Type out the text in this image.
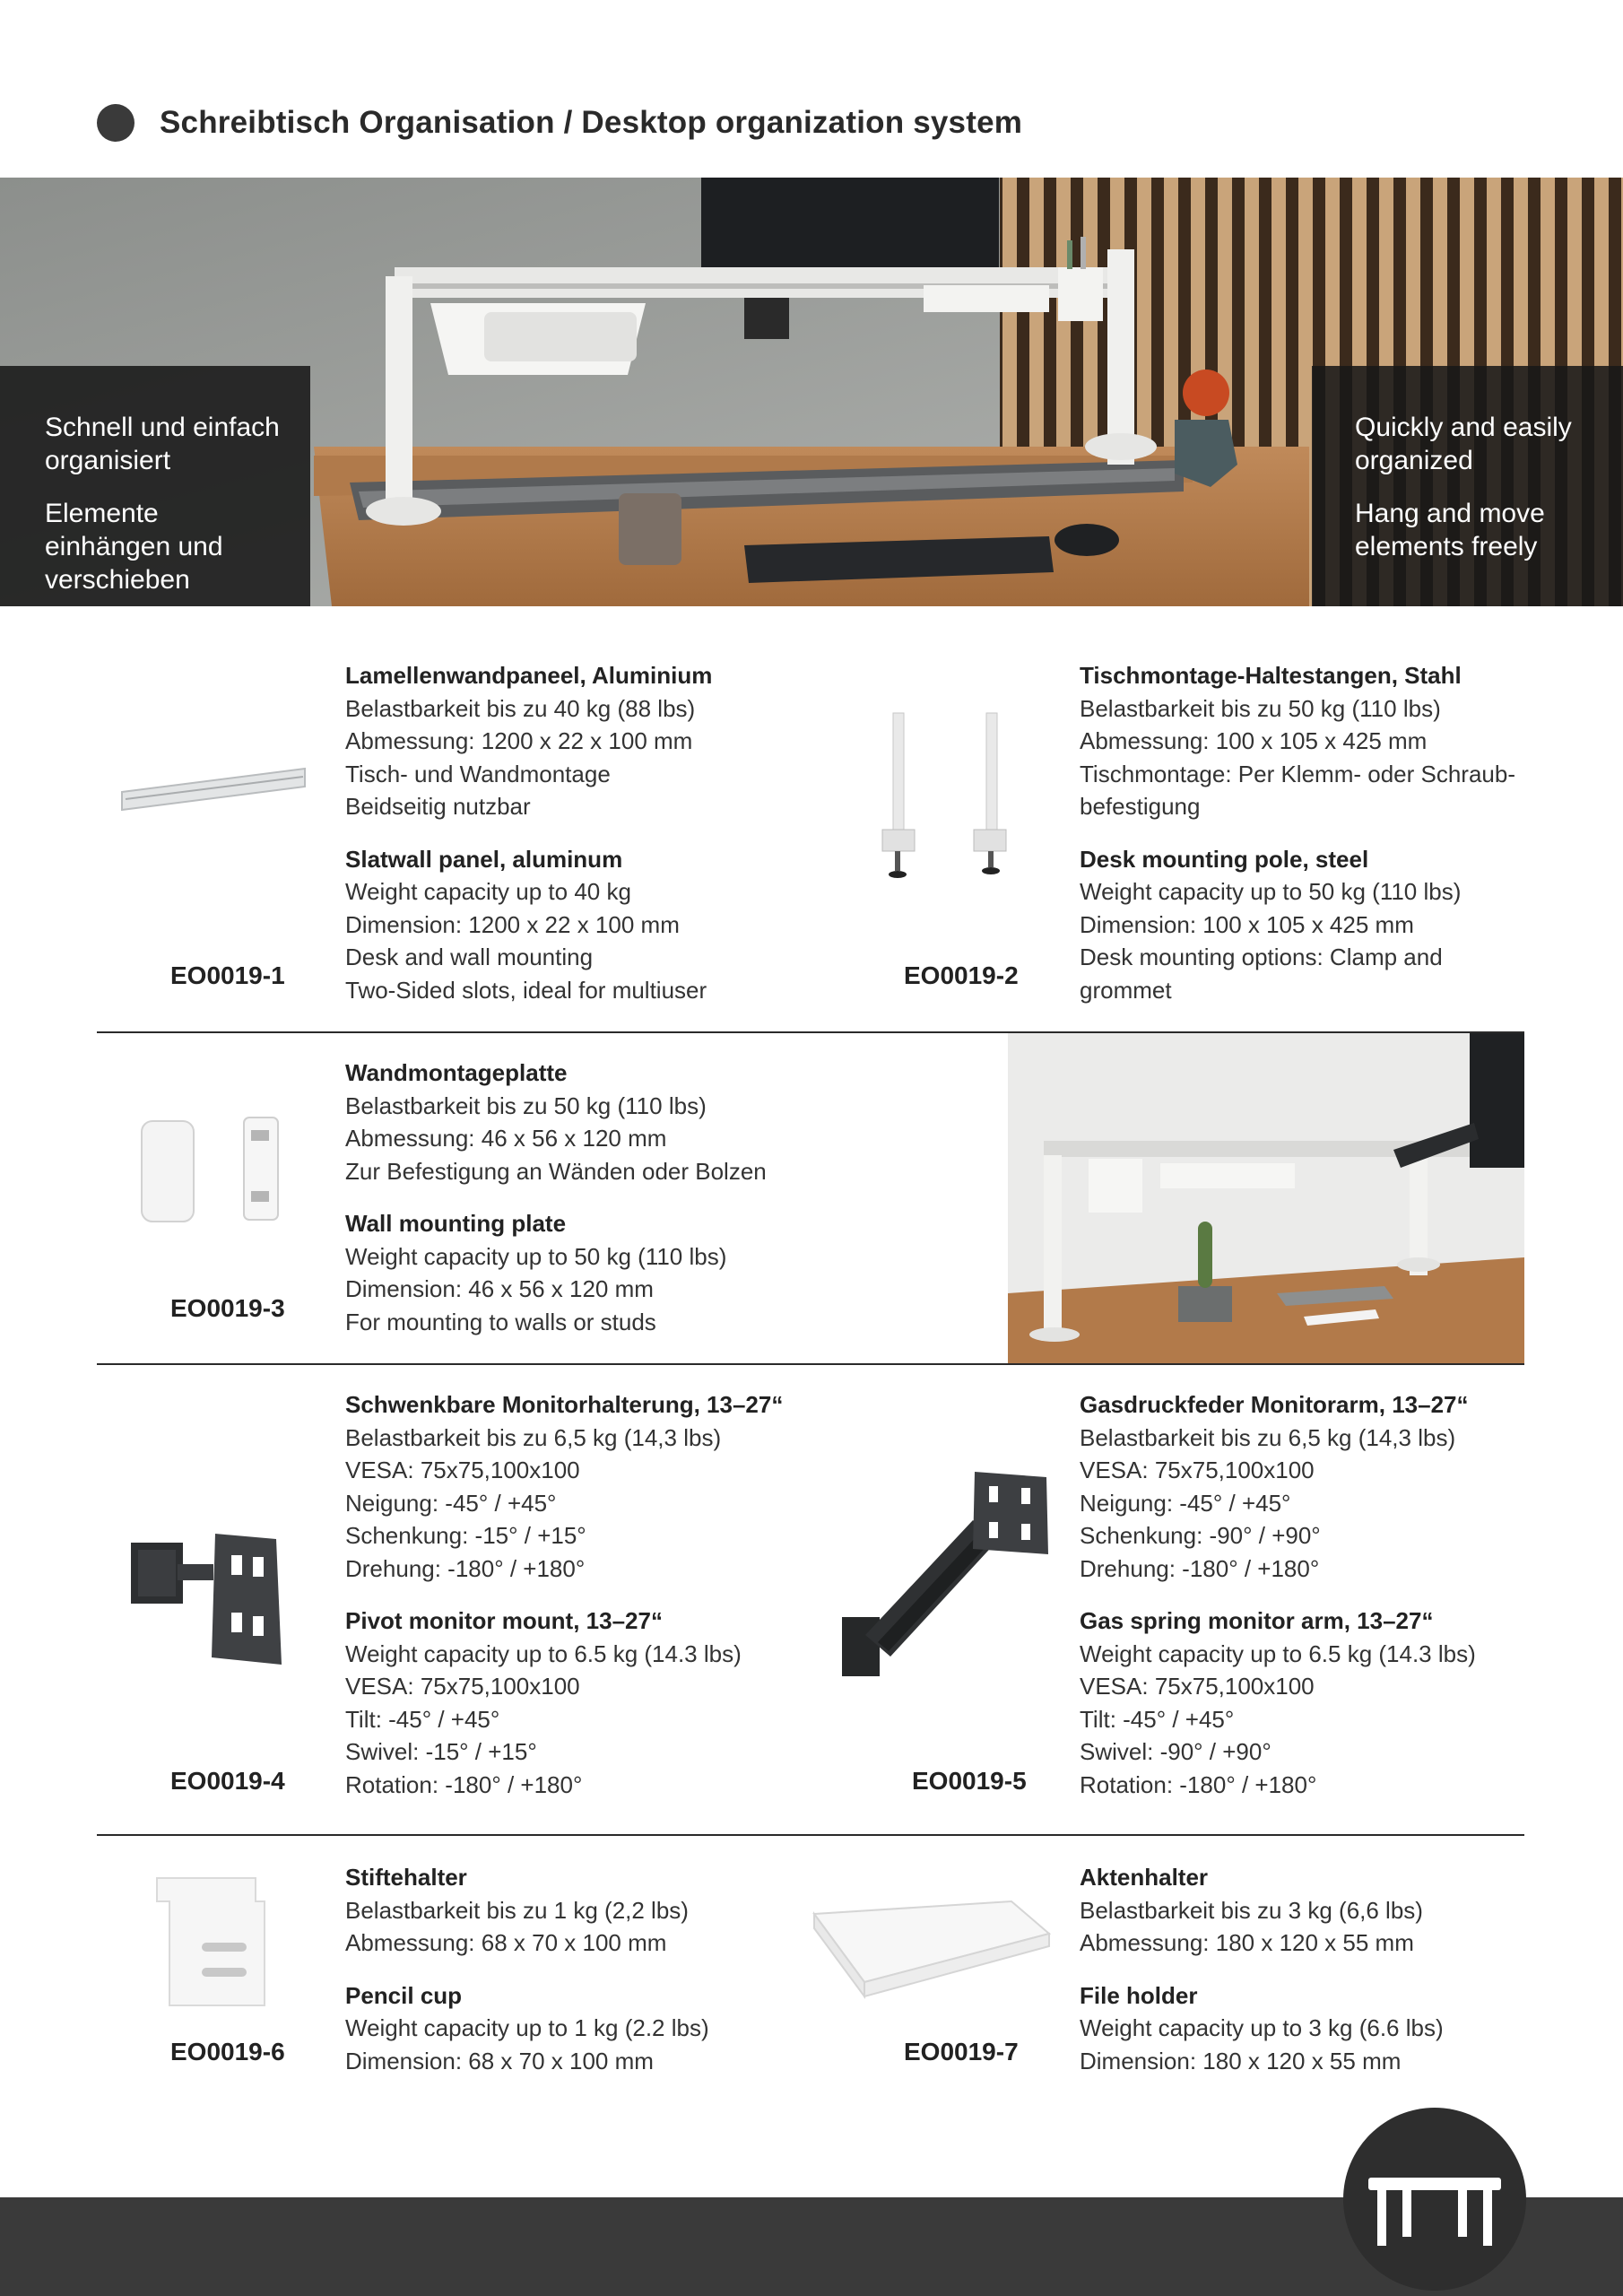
Schreibtisch Organisation / Desktop organization system

Schnell und einfach organisiert

Elemente einhängen und verschieben

Quickly and easily organized

Hang and move elements freely

EO0019-1
Lamellenwandpaneel, Aluminium
Belastbarkeit bis zu 40 kg (88 lbs)
Abmessung: 1200 x 22 x 100 mm
Tisch- und Wandmontage
Beidseitig nutzbar
Slatwall panel, aluminum
Weight capacity up to 40 kg
Dimension: 1200 x 22 x 100 mm
Desk and wall mounting
Two-Sided slots, ideal for multiuser
EO0019-2
Tischmontage-Haltestangen, Stahl
Belastbarkeit bis zu 50 kg (110 lbs)
Abmessung: 100 x 105 x 425 mm
Tischmontage: Per Klemm- oder Schraub-
befestigung
Desk mounting pole, steel
Weight capacity up to 50 kg (110 lbs)
Dimension: 100 x 105 x 425 mm
Desk mounting options: Clamp and
grommet
EO0019-3
Wandmontageplatte
Belastbarkeit bis zu 50 kg (110 lbs)
Abmessung: 46 x 56 x 120 mm
Zur Befestigung an Wänden oder Bolzen
Wall mounting plate
Weight capacity up to 50 kg (110 lbs)
Dimension: 46 x 56 x 120 mm
For mounting to walls or studs
EO0019-4
Schwenkbare Monitorhalterung, 13–27“
Belastbarkeit bis zu 6,5 kg (14,3 lbs)
VESA: 75x75,100x100
Neigung: -45° / +45°
Schenkung: -15° / +15°
Drehung: -180° / +180°
Pivot monitor mount, 13–27“
Weight capacity up to 6.5 kg (14.3 lbs)
VESA: 75x75,100x100
Tilt: -45° / +45°
Swivel: -15° / +15°
Rotation: -180° / +180°	EO0019-5
Gasdruckfeder Monitorarm, 13–27“
Belastbarkeit bis zu 6,5 kg (14,3 lbs)
VESA: 75x75,100x100
Neigung: -45° / +45°
Schenkung: -90° / +90°
Drehung: -180° / +180°
Gas spring monitor arm, 13–27“
Weight capacity up to 6.5 kg (14.3 lbs)
VESA: 75x75,100x100
Tilt: -45° / +45°
Swivel: -90° / +90°
Rotation: -180° / +180°
EO0019-6
Stiftehalter
Belastbarkeit bis zu 1 kg (2,2 lbs)
Abmessung: 68 x 70 x 100 mm
Pencil cup
Weight capacity up to 1 kg (2.2 lbs)
Dimension: 68 x 70 x 100 mm	EO0019-7
Aktenhalter
Belastbarkeit bis zu 3 kg (6,6 lbs)
Abmessung: 180 x 120 x 55 mm
File holder
Weight capacity up to 3 kg (6.6 lbs)
Dimension: 180 x 120 x 55 mm
